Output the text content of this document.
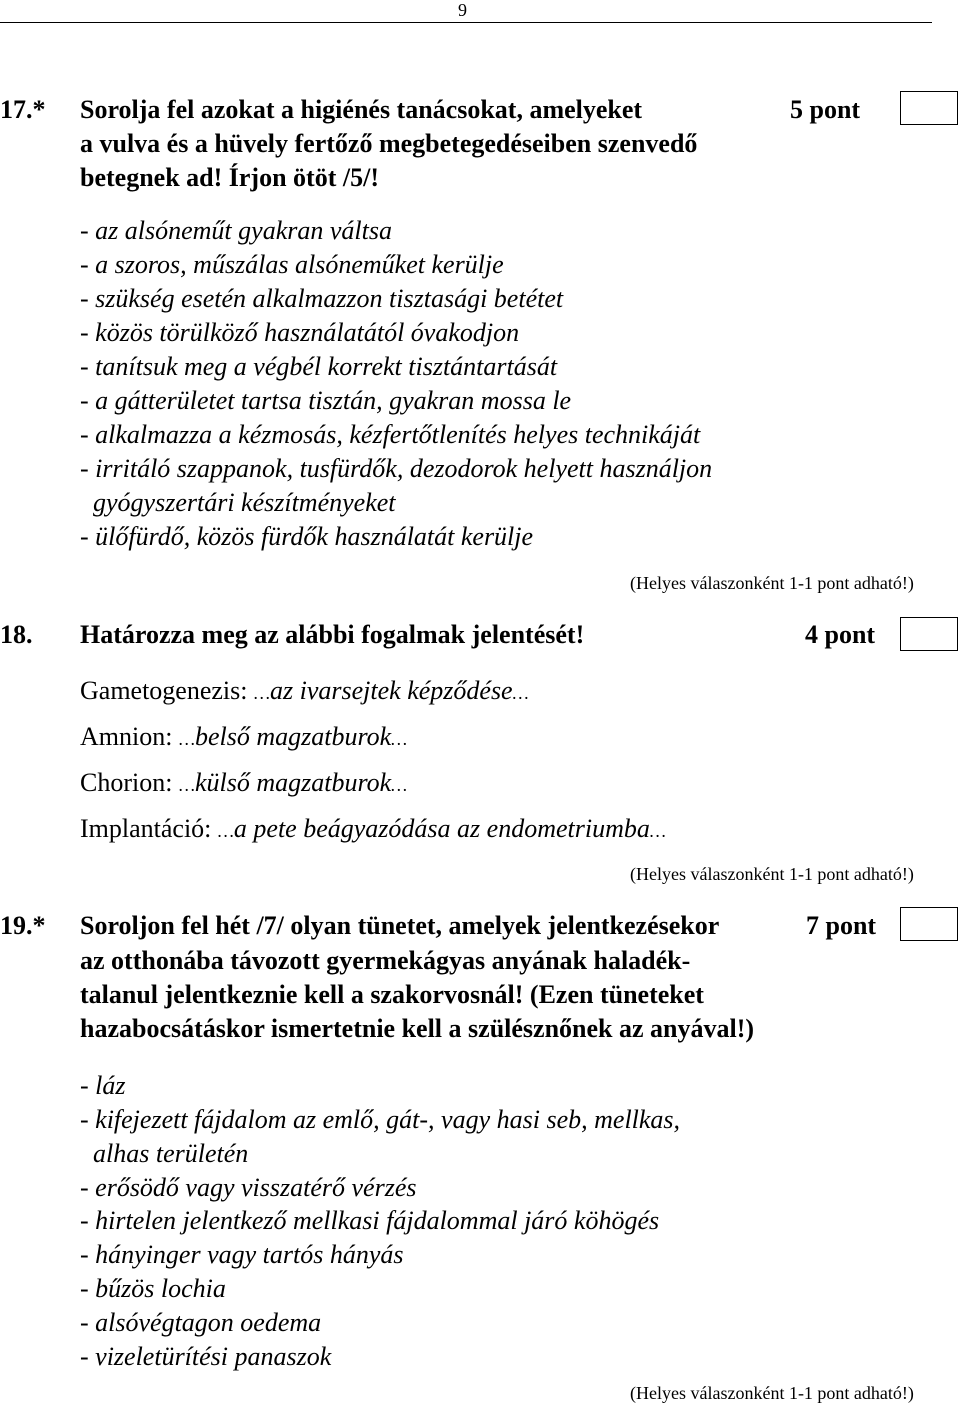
9
17.* Sorolja fel azokat a higiénés tanácsokat, amelyeket
a vulva és a hüvely fertőző megbetegedéseiben szenvedő
betegnek ad! Írjon ötöt /5/!
5 pont
- az alsóneműt gyakran váltsa
- a szoros, műszálas alsóneműket kerülje
- szükség esetén alkalmazzon tisztasági betétet
- közös törülköző használatától óvakodjon
- tanítsuk meg a végbél korrekt tisztántartását
- a gátterületet tartsa tisztán, gyakran mossa le
- alkalmazza a kézmosás, kézfertőtlenítés helyes technikáját
- irritáló szappanok, tusfürdők, dezodorok helyett használjon
gyógyszertári készítményeket
- ülőfürdő, közös fürdők használatát kerülje
(Helyes válaszonként 1-1 pont adható!)
18. Határozza meg az alábbi fogalmak jelentését!	4 pont
Gametogenezis: …az ivarsejtek képződése…
Amnion: …belső magzatburok…
Chorion: …külső magzatburok…
Implantáció: …a pete beágyazódása az endometriumba…
(Helyes válaszonként 1-1 pont adható!)
19.* Soroljon fel hét /7/ olyan tünetet, amelyek jelentkezésekor
az otthonába távozott gyermekágyas anyának haladék-
talanul jelentkeznie kell a szakorvosnál! (Ezen tüneteket
hazabocsátáskor ismertetnie kell a szülésznőnek az anyával!)
7 pont
- láz
- kifejezett fájdalom az emlő, gát-, vagy hasi seb, mellkas,
alhas területén
- erősödő vagy visszatérő vérzés
- hirtelen jelentkező mellkasi fájdalommal járó köhögés
- hányinger vagy tartós hányás
- bűzös lochia
- alsóvégtagon oedema
- vizeletürítési panaszok
(Helyes válaszonként 1-1 pont adható!)
